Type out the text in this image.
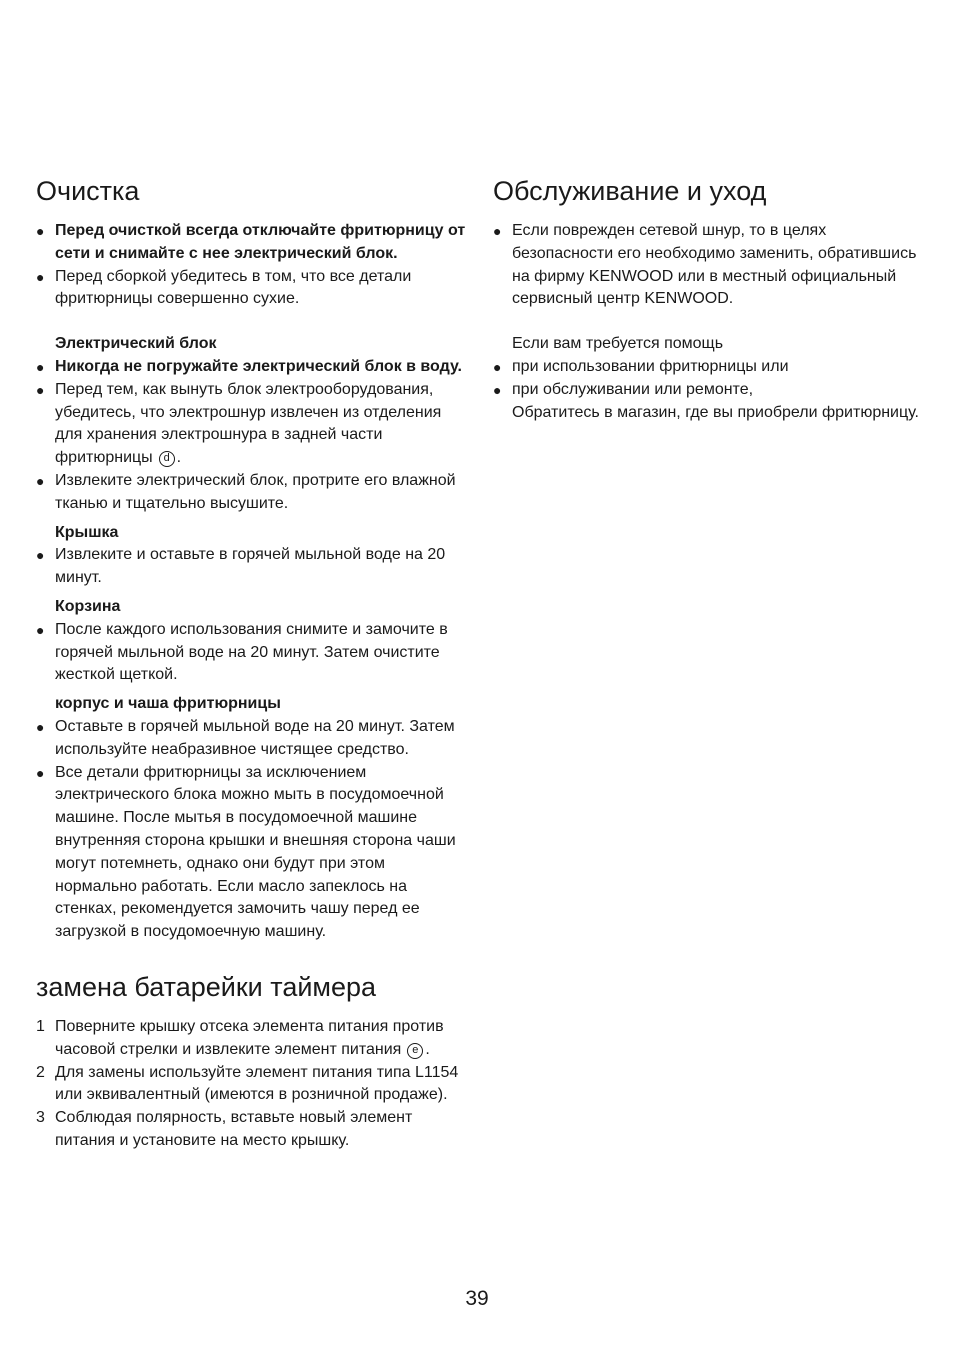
Очистка
● Перед очисткой всегда отключайте фритюрницу от сети и снимайте с нее электрический блок.
● Перед сборкой убедитесь в том, что все детали фритюрницы совершенно сухие.
Электрический блок
● Никогда не погружайте электрический блок в воду.
● Перед тем, как вынуть блок электрооборудования, убедитесь, что электрошнур извлечен из отделения для хранения электрошнура в задней части фритюрницы d .
● Извлеките электрический блок, протрите его влажной тканью и тщательно высушите.
Крышка
● Извлеките и оставьте в горячей мыльной воде на 20 минут.
Корзина
● После каждого использования снимите и замочите в горячей мыльной воде на 20 минут. Затем очистите жесткой щеткой.
корпус и чаша фритюрницы
● Оставьте в горячей мыльной воде на 20 минут. Затем используйте неабразивное чистящее средство.
● Все детали фритюрницы за исключением электрического блока можно мыть в посудомоечной машине. После мытья в посудомоечной машине внутренняя сторона крышки и внешняя сторона чаши могут потемнеть, однако они будут при этом нормально работать. Если масло запеклось на стенках, рекомендуется замочить чашу перед ее загрузкой в посудомоечную машину.
замена батарейки таймера
1 Поверните крышку отсека элемента питания против часовой стрелки и извлеките элемент питания e .
2 Для замены используйте элемент питания типа L1154 или эквивалентный (имеются в розничной продаже).
3 Соблюдая полярность, вставьте новый элемент питания и установите на место крышку.
Обслуживание и уход
● Если поврежден сетевой шнур, то в целях безопасности его необходимо заменить, обратившись на фирму KENWOOD или в местный официальный сервисный центр KENWOOD.
Если вам требуется помощь
● при использовании фритюрницы или
● при обслуживании или ремонте,
Обратитесь в магазин, где вы приобрели фритюрницу.
39
